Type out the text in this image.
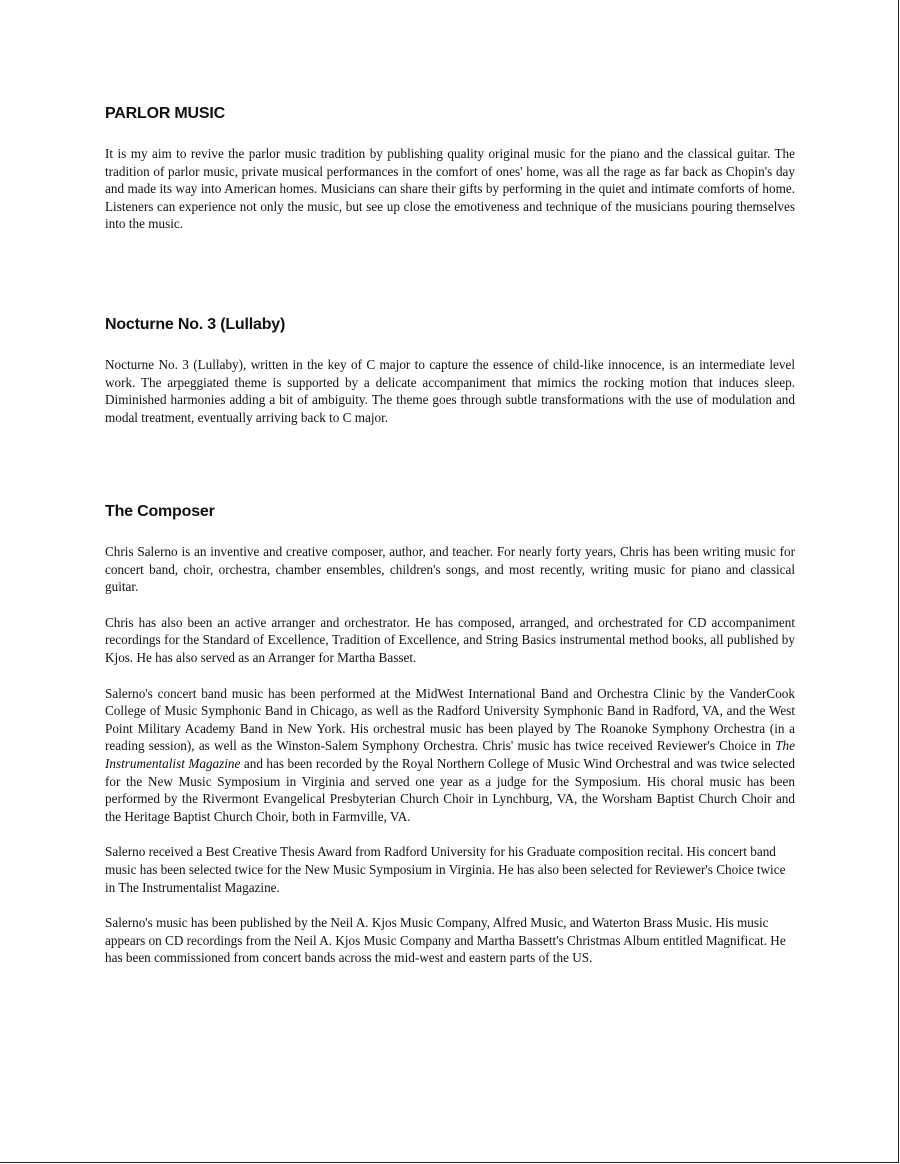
PARLOR MUSIC

It is my aim to revive the parlor music tradition by publishing quality original music for the piano and the classical guitar. The tradition of parlor music, private musical performances in the comfort of ones' home, was all the rage as far back as Chopin's day and made its way into American homes. Musicians can share their gifts by performing in the quiet and intimate comforts of home. Listeners can experience not only the music, but see up close the emotiveness and technique of the musicians pouring themselves into the music.

Nocturne No. 3 (Lullaby)

Nocturne No. 3 (Lullaby), written in the key of C major to capture the essence of child-like innocence, is an intermediate level work. The arpeggiated theme is supported by a delicate accompaniment that mimics the rocking motion that induces sleep. Diminished harmonies adding a bit of ambiguity. The theme goes through subtle transformations with the use of modulation and modal treatment, eventually arriving back to C major.

The Composer

Chris Salerno is an inventive and creative composer, author, and teacher. For nearly forty years, Chris has been writing music for concert band, choir, orchestra, chamber ensembles, children's songs, and most recently, writing music for piano and classical guitar.

Chris has also been an active arranger and orchestrator. He has composed, arranged, and orchestrated for CD accompaniment recordings for the Standard of Excellence, Tradition of Excellence, and String Basics instrumental method books, all published by Kjos. He has also served as an Arranger for Martha Basset.

Salerno's concert band music has been performed at the MidWest International Band and Orchestra Clinic by the VanderCook College of Music Symphonic Band in Chicago, as well as the Radford University Symphonic Band in Radford, VA, and the West Point Military Academy Band in New York. His orchestral music has been played by The Roanoke Symphony Orchestra (in a reading session), as well as the Winston-Salem Symphony Orchestra. Chris' music has twice received Reviewer's Choice in The Instrumentalist Magazine and has been recorded by the Royal Northern College of Music Wind Orchestral and was twice selected for the New Music Symposium in Virginia and served one year as a judge for the Symposium. His choral music has been performed by the Rivermont Evangelical Presbyterian Church Choir in Lynchburg, VA, the Worsham Baptist Church Choir and the Heritage Baptist Church Choir, both in Farmville, VA.

Salerno received a Best Creative Thesis Award from Radford University for his Graduate composition recital. His concert band music has been selected twice for the New Music Symposium in Virginia. He has also been selected for Reviewer's Choice twice in The Instrumentalist Magazine.

Salerno's music has been published by the Neil A. Kjos Music Company, Alfred Music, and Waterton Brass Music. His music appears on CD recordings from the Neil A. Kjos Music Company and Martha Bassett's Christmas Album entitled Magnificat. He has been commissioned from concert bands across the mid-west and eastern parts of the US.
